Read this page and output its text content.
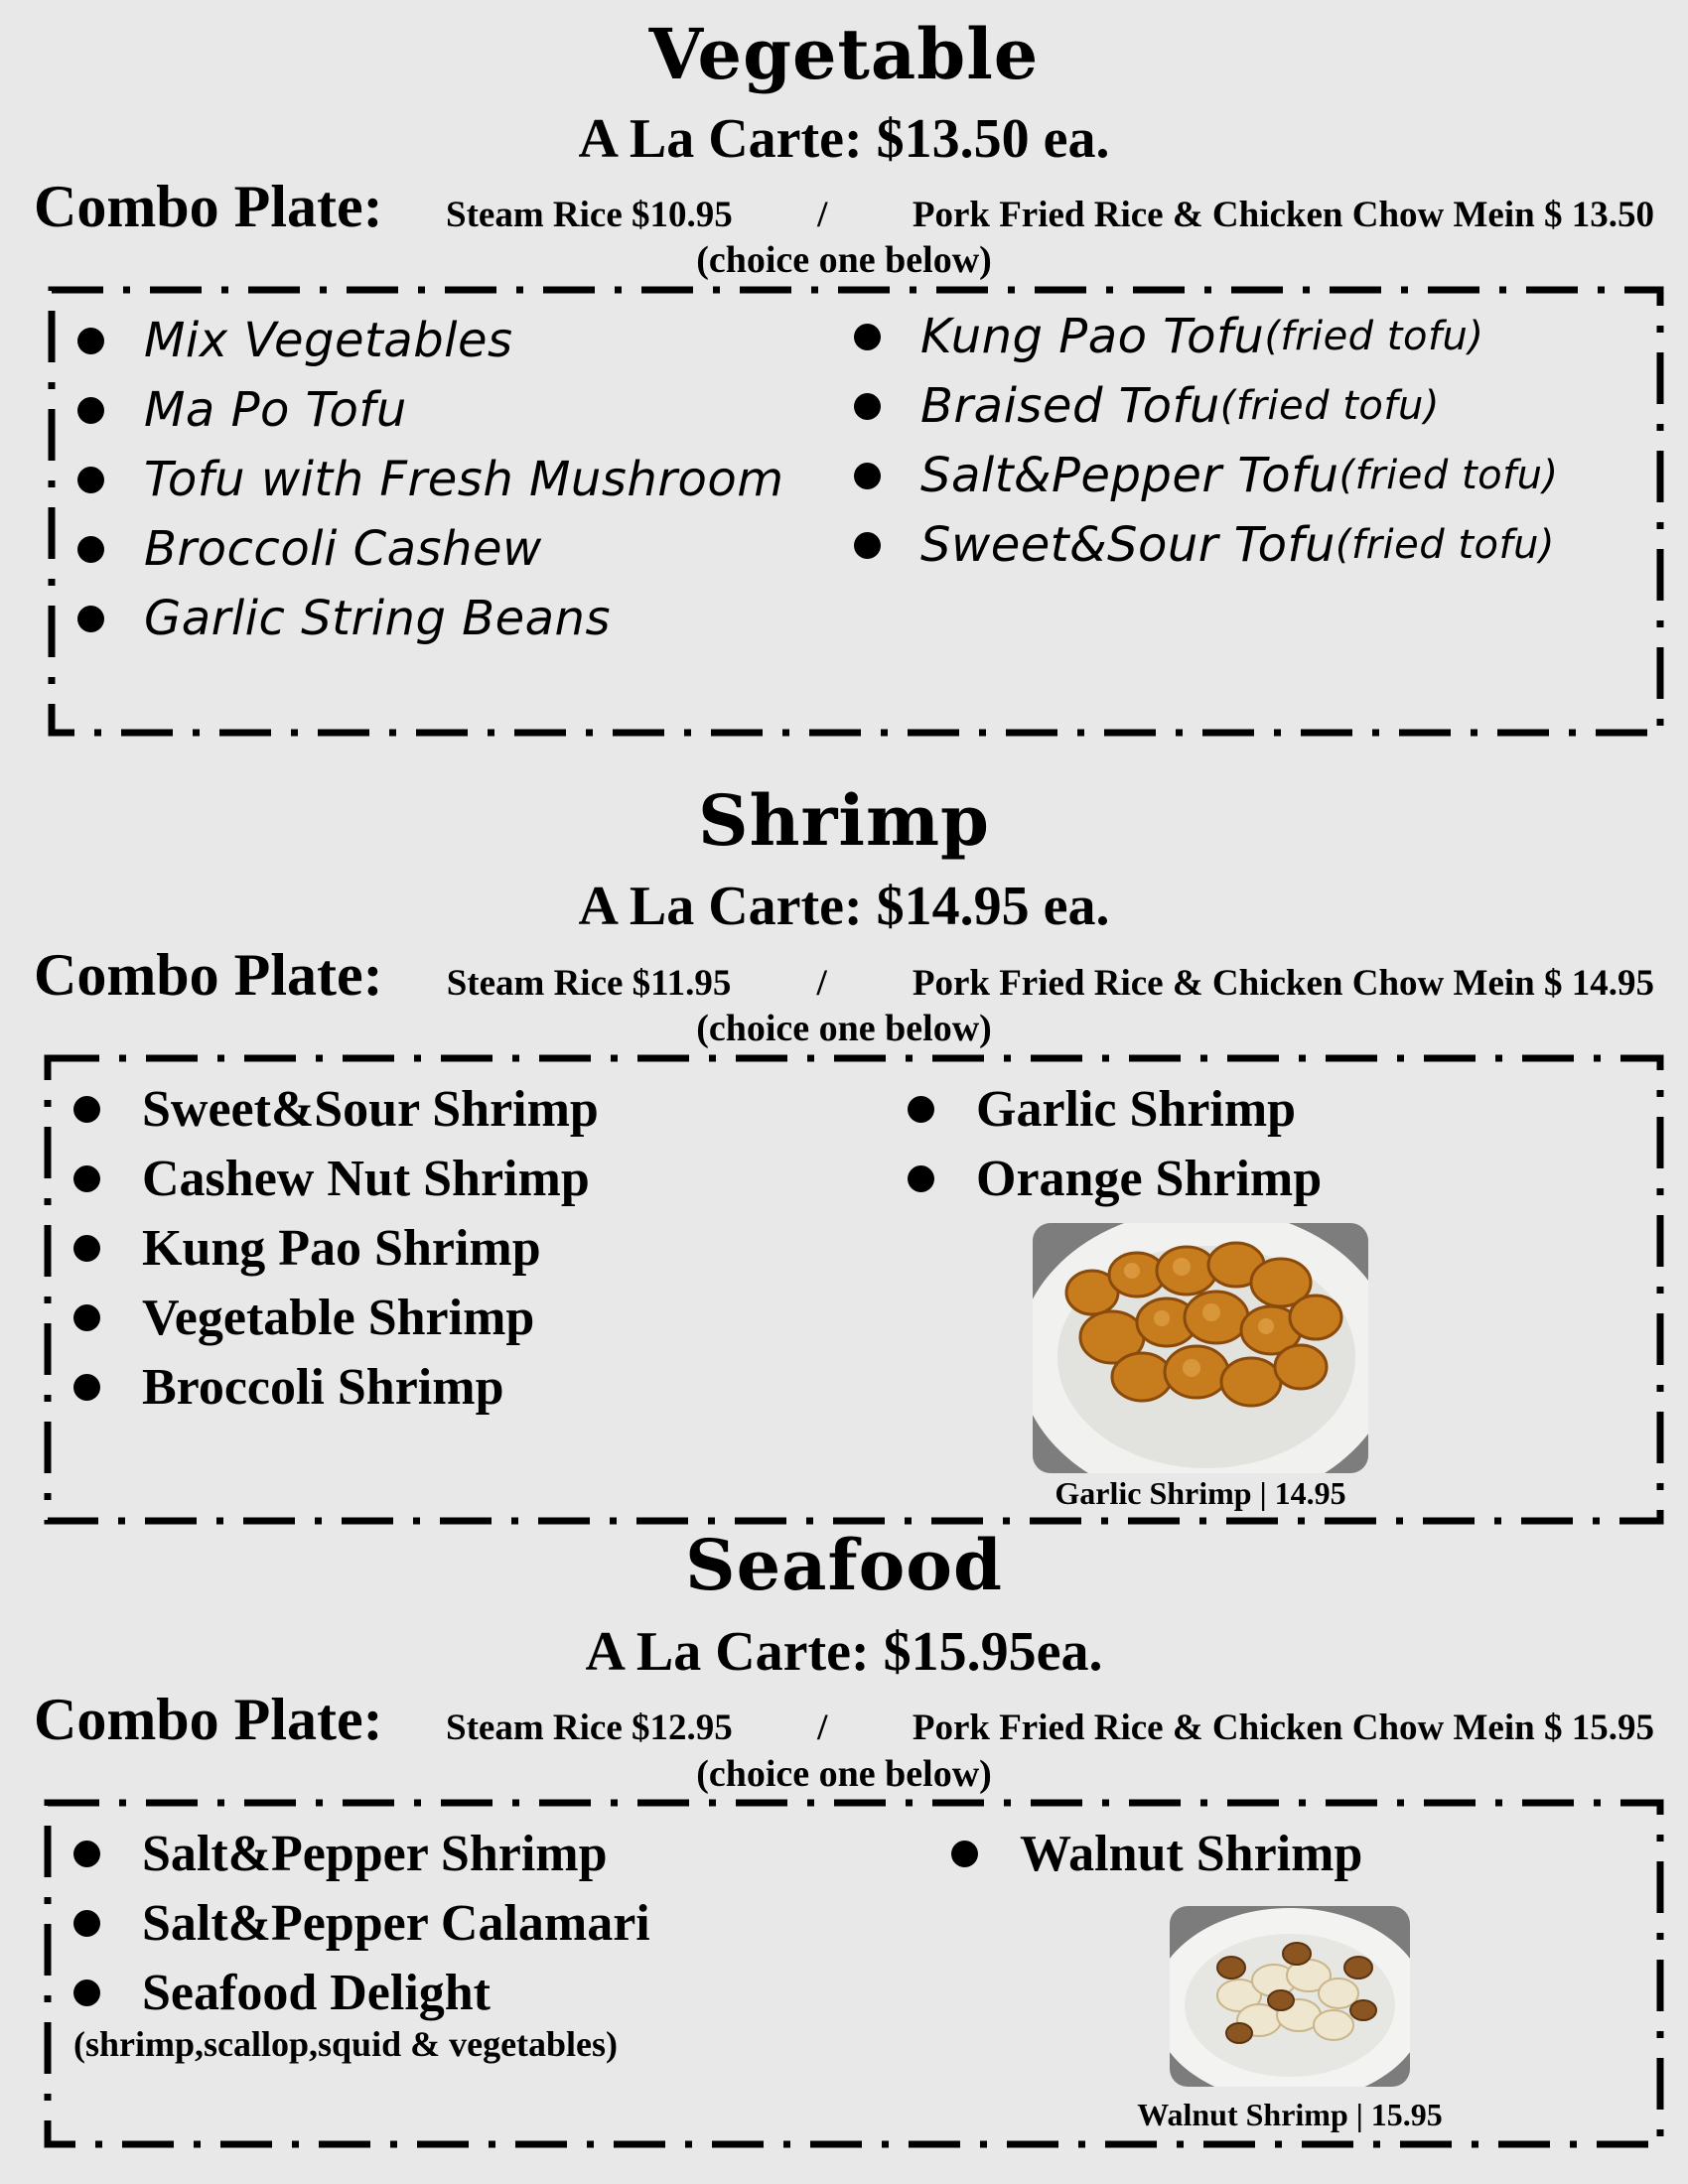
Vegetable
A La Carte: $13.50 ea.
Combo Plate: Steam Rice $10.95	/	Pork Fried Rice & Chicken Chow Mein $ 13.50
(choice one below)
Mix Vegetables
Ma Po Tofu
Tofu with Fresh Mushroom
Broccoli Cashew
Garlic String Beans
Kung Pao Tofu (fried tofu)
Braised Tofu (fried tofu)
Salt&Pepper Tofu (fried tofu)
Sweet&Sour Tofu (fried tofu)
Shrimp
A La Carte: $14.95 ea.
Combo Plate: Steam Rice $11.95	/	Pork Fried Rice & Chicken Chow Mein $ 14.95
(choice one below)
Sweet&Sour Shrimp
Cashew Nut Shrimp
Kung Pao Shrimp
Vegetable Shrimp
Broccoli Shrimp
Garlic Shrimp
Orange Shrimp
Garlic Shrimp | 14.95
Seafood
A La Carte: $15.95ea.
Combo Plate: Steam Rice $12.95	/	Pork Fried Rice & Chicken Chow Mein $ 15.95
(choice one below)
Salt&Pepper Shrimp
Salt&Pepper Calamari
Seafood Delight
(shrimp,scallop,squid & vegetables)
Walnut Shrimp
Walnut Shrimp | 15.95
